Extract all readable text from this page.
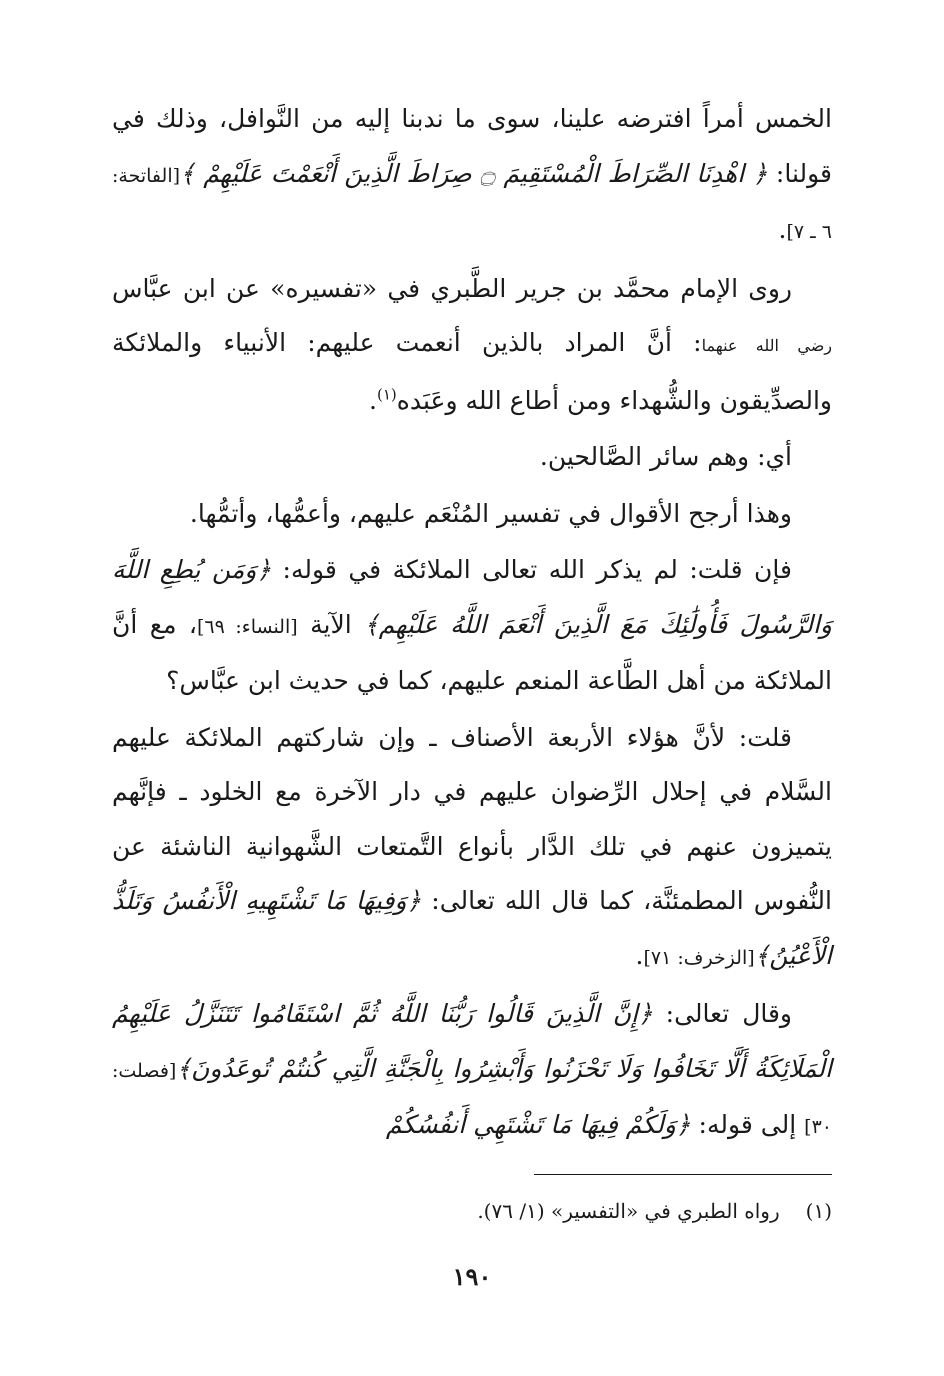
الخمس أمراً افترضه علينا، سوى ما ندبنا إليه من النَّوافل، وذلك في قولنا: ﴿ اهْدِنَا الصِّرَاطَ الْمُسْتَقِيمَ ۝ صِرَاطَ الَّذِينَ أَنْعَمْتَ عَلَيْهِمْ ﴾[الفاتحة: ٦ ـ ٧].

روى الإمام محمَّد بن جرير الطَّبري في «تفسيره» عن ابن عبَّاس رضي الله عنهما: أنَّ المراد بالذين أنعمت عليهم: الأنبياء والملائكة والصدِّيقون والشُّهداء ومن أطاع الله وعَبَده$^{(١)}$.

أي: وهم سائر الصَّالحين.

وهذا أرجح الأقوال في تفسير المُنْعَم عليهم، وأعمُّها، وأتمُّها.

فإن قلت: لم يذكر الله تعالى الملائكة في قوله: ﴿وَمَن يُطِعِ اللَّهَ وَالرَّسُولَ فَأُولَٰئِكَ مَعَ الَّذِينَ أَنْعَمَ اللَّهُ عَلَيْهِم﴾ الآية [النساء: ٦٩]، مع أنَّ الملائكة من أهل الطَّاعة المنعم عليهم، كما في حديث ابن عبَّاس؟

قلت: لأنَّ هؤلاء الأربعة الأصناف ـ وإن شاركتهم الملائكة عليهم السَّلام في إحلال الرِّضوان عليهم في دار الآخرة مع الخلود ـ فإنَّهم يتميزون عنهم في تلك الدَّار بأنواع التَّمتعات الشَّهوانية الناشئة عن النُّفوس المطمئنَّة، كما قال الله تعالى: ﴿وَفِيهَا مَا تَشْتَهِيهِ الْأَنفُسُ وَتَلَذُّ الْأَعْيُنُ﴾[الزخرف: ٧١].

وقال تعالى: ﴿إِنَّ الَّذِينَ قَالُوا رَبُّنَا اللَّهُ ثُمَّ اسْتَقَامُوا تَتَنَزَّلُ عَلَيْهِمُ الْمَلَائِكَةُ أَلَّا تَخَافُوا وَلَا تَحْزَنُوا وَأَبْشِرُوا بِالْجَنَّةِ الَّتِي كُنتُمْ تُوعَدُونَ﴾[فصلت: ٣٠] إلى قوله: ﴿وَلَكُمْ فِيهَا مَا تَشْتَهِي أَنفُسُكُمْ

(١)رواه الطبري في «التفسير» (١/ ٧٦).
١٩٠
